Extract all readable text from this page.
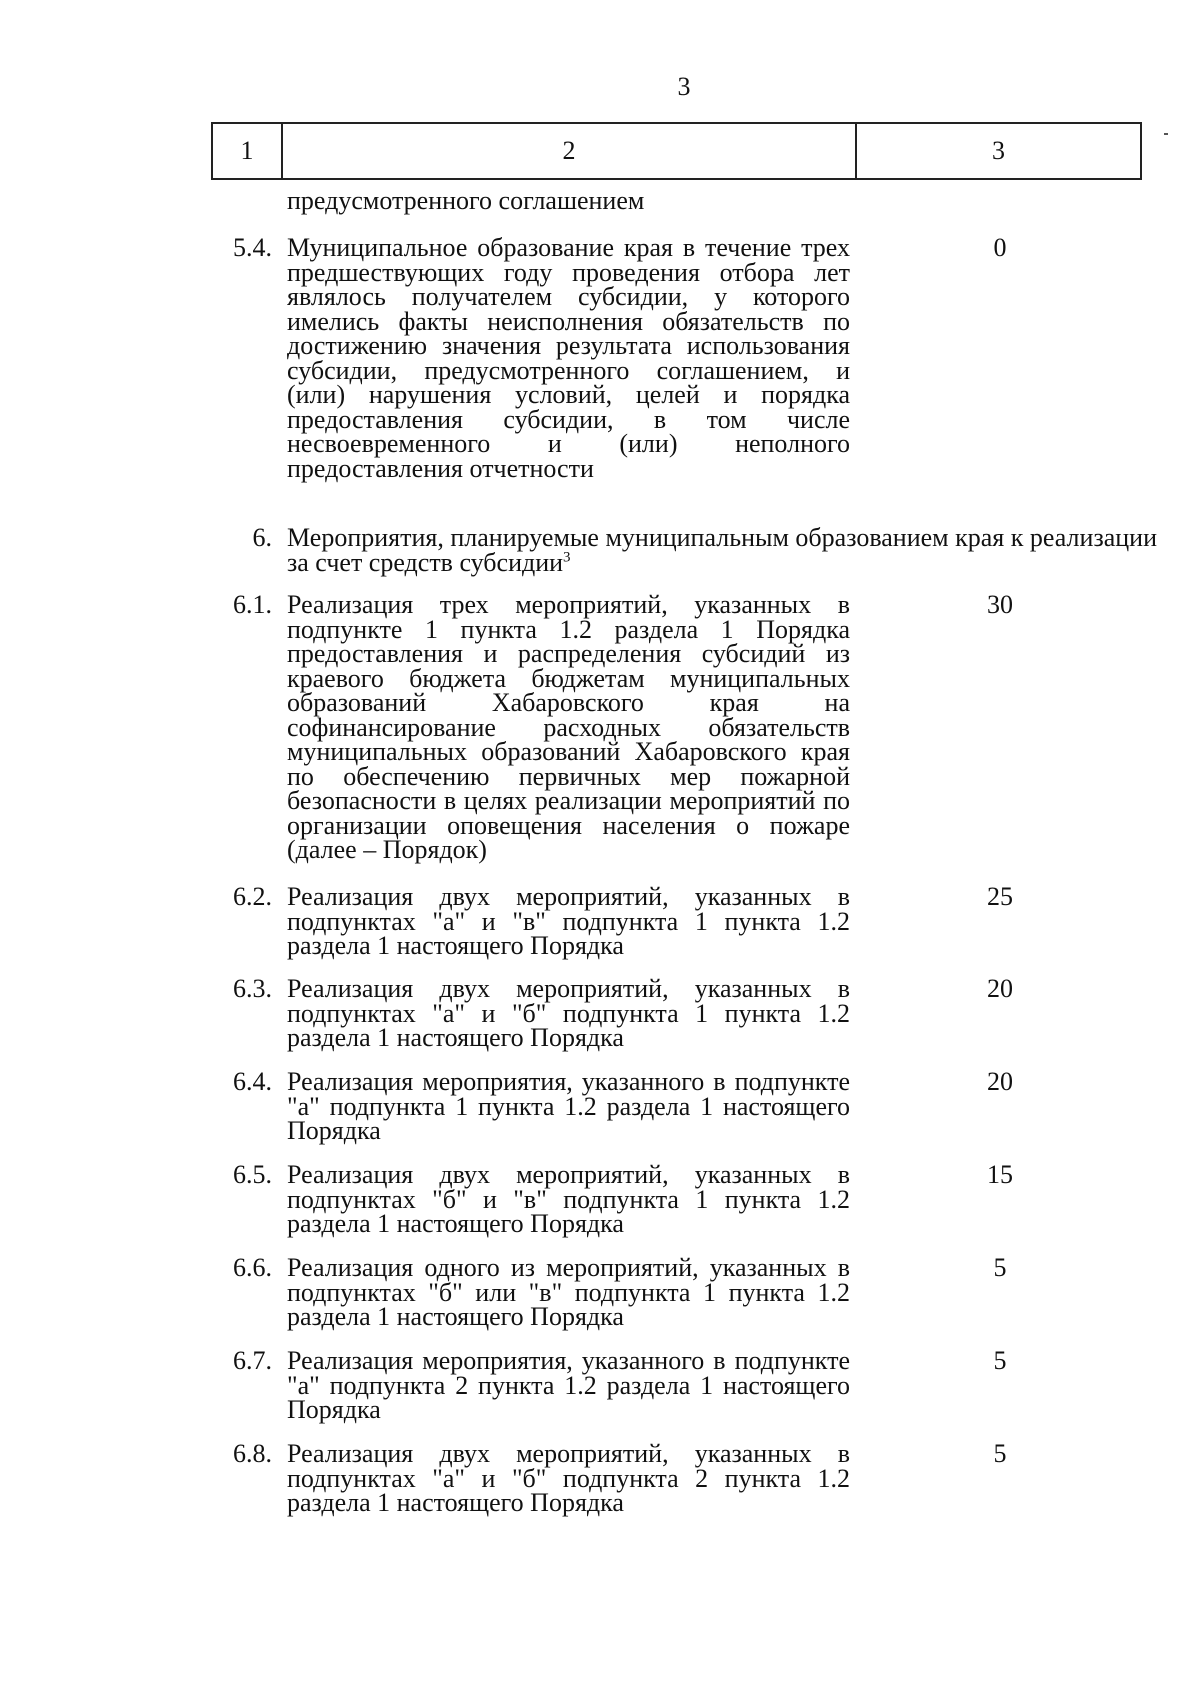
3
1	2	3
предусмотренного соглашением
5.4. Муниципальное образование края в течение трех предшествующих году проведения отбора лет являлось получателем субсидии, у которого имелись факты неисполнения обязательств по достижению значения результата использования субсидии, предусмотренного соглашением, и (или) нарушения условий, целей и порядка предоставления субсидии, в том числе несвоевременного и (или) неполного предоставления отчетности
0
6. Мероприятия, планируемые муниципальным образованием края к реализации за счет средств субсидии$^3$
6.1. Реализация трех мероприятий, указанных в подпункте 1 пункта 1.2 раздела 1 Порядка предоставления и распределения субсидий из краевого бюджета бюджетам муниципальных образований Хабаровского края на софинансирование расходных обязательств муниципальных образований Хабаровского края по обеспечению первичных мер пожарной безопасности в целях реализации мероприятий по организации оповещения населения о пожаре (далее – Порядок)
30
6.2. Реализация двух мероприятий, указанных в подпунктах "а" и "в" подпункта 1 пункта 1.2 раздела 1 настоящего Порядка
25
6.3. Реализация двух мероприятий, указанных в подпунктах "а" и "б" подпункта 1 пункта 1.2 раздела 1 настоящего Порядка
20
6.4. Реализация мероприятия, указанного в подпункте "а" подпункта 1 пункта 1.2 раздела 1 настоящего Порядка
20
6.5. Реализация двух мероприятий, указанных в подпунктах "б" и "в" подпункта 1 пункта 1.2 раздела 1 настоящего Порядка
15
6.6. Реализация одного из мероприятий, указанных в подпунктах "б" или "в" подпункта 1 пункта 1.2 раздела 1 настоящего Порядка
5
6.7. Реализация мероприятия, указанного в подпункте "а" подпункта 2 пункта 1.2 раздела 1 настоящего Порядка
5
6.8. Реализация двух мероприятий, указанных в подпунктах "а" и "б" подпункта 2 пункта 1.2 раздела 1 настоящего Порядка
5
